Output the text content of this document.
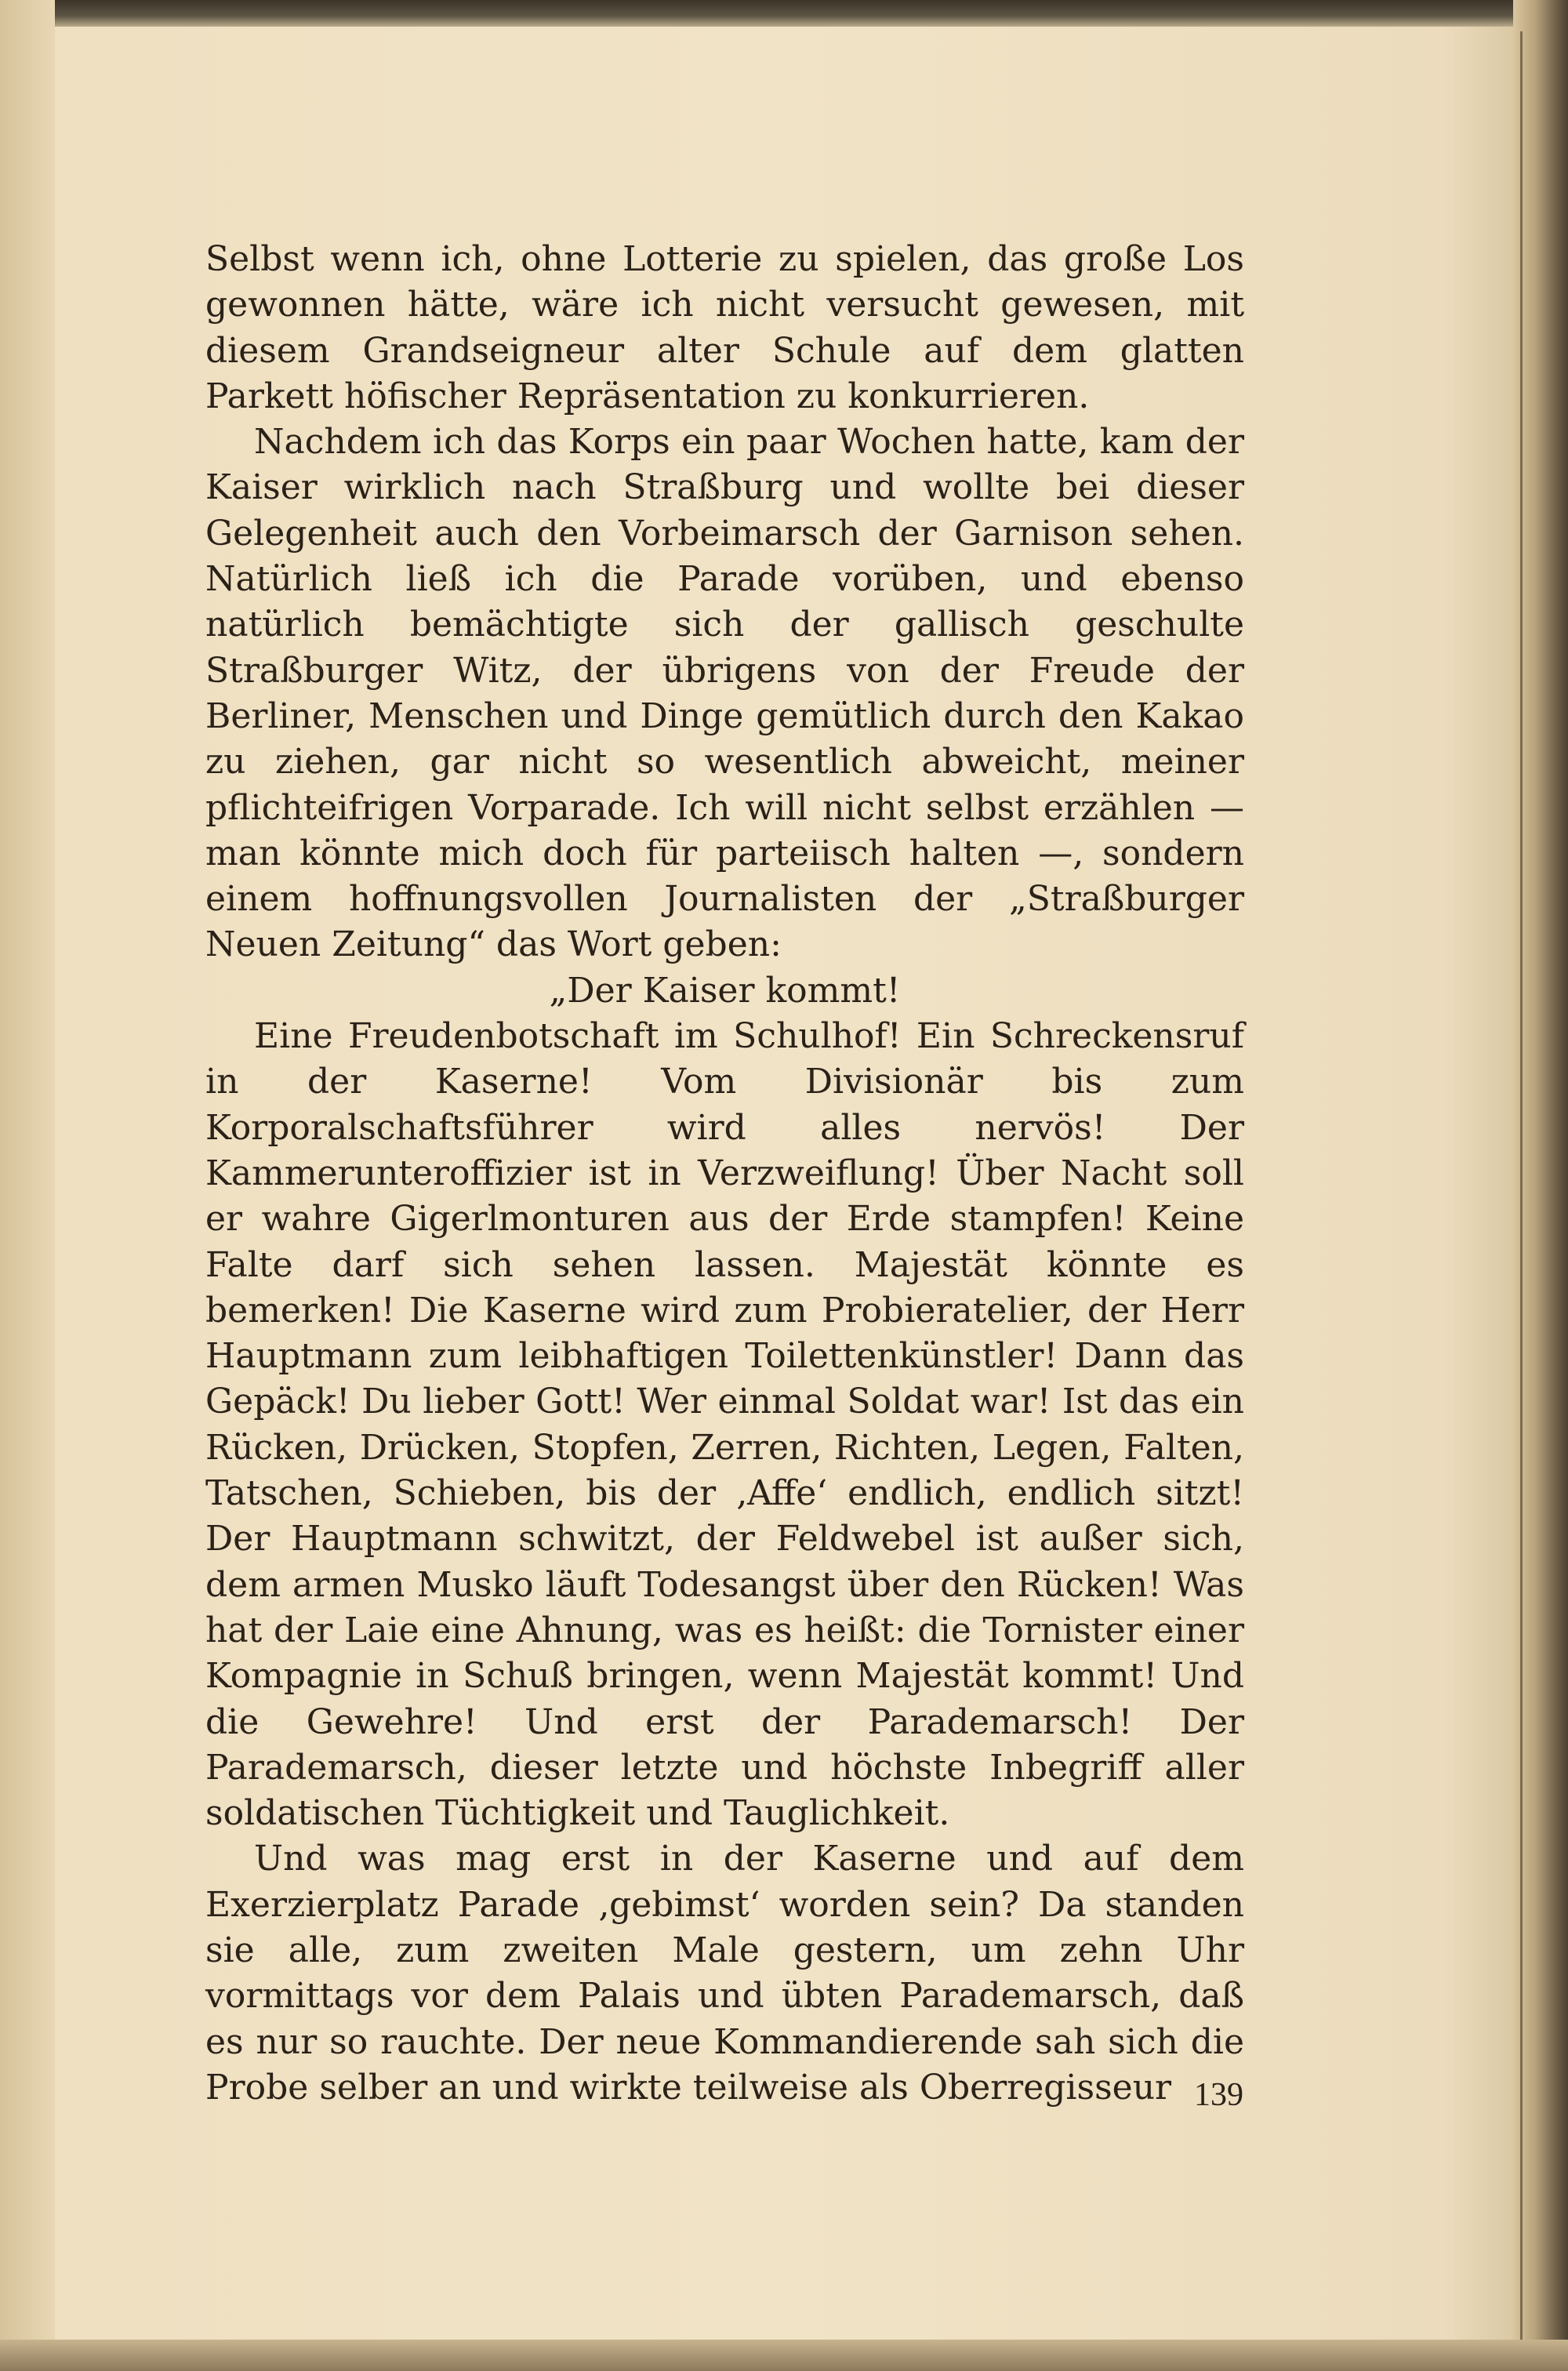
Selbst wenn ich, ohne Lotterie zu spielen, das große Los gewonnen hätte, wäre ich nicht versucht gewesen, mit diesem Grandseigneur alter Schule auf dem glatten Parkett höfischer Repräsentation zu konkurrieren.

Nachdem ich das Korps ein paar Wochen hatte, kam der Kaiser wirklich nach Straßburg und wollte bei dieser Gelegenheit auch den Vorbeimarsch der Garnison sehen. Natürlich ließ ich die Parade vorüben, und ebenso natürlich bemächtigte sich der gallisch geschulte Straßburger Witz, der übrigens von der Freude der Berliner, Menschen und Dinge gemütlich durch den Kakao zu ziehen, gar nicht so wesentlich abweicht, meiner pflichteifrigen Vorparade. Ich will nicht selbst erzählen — man könnte mich doch für parteiisch halten —, sondern einem hoffnungsvollen Journalisten der „Straßburger Neuen Zeitung“ das Wort geben:

„Der Kaiser kommt!

Eine Freudenbotschaft im Schulhof! Ein Schreckensruf in der Kaserne! Vom Divisionär bis zum Korporalschaftsführer wird alles nervös! Der Kammerunteroffizier ist in Verzweiflung! Über Nacht soll er wahre Gigerlmonturen aus der Erde stampfen! Keine Falte darf sich sehen lassen. Majestät könnte es bemerken! Die Kaserne wird zum Probieratelier, der Herr Hauptmann zum leibhaftigen Toilettenkünstler! Dann das Gepäck! Du lieber Gott! Wer einmal Soldat war! Ist das ein Rücken, Drücken, Stopfen, Zerren, Richten, Legen, Falten, Tatschen, Schieben, bis der ‚Affe‘ endlich, endlich sitzt! Der Hauptmann schwitzt, der Feldwebel ist außer sich, dem armen Musko läuft Todesangst über den Rücken! Was hat der Laie eine Ahnung, was es heißt: die Tornister einer Kompagnie in Schuß bringen, wenn Majestät kommt! Und die Gewehre! Und erst der Parademarsch! Der Parademarsch, dieser letzte und höchste Inbegriff aller soldatischen Tüchtigkeit und Tauglichkeit.

Und was mag erst in der Kaserne und auf dem Exerzierplatz Parade ‚gebimst‘ worden sein? Da standen sie alle, zum zweiten Male gestern, um zehn Uhr vormittags vor dem Palais und übten Parademarsch, daß es nur so rauchte. Der neue Kommandierende sah sich die Probe selber an und wirkte teilweise als Oberregisseur 139
